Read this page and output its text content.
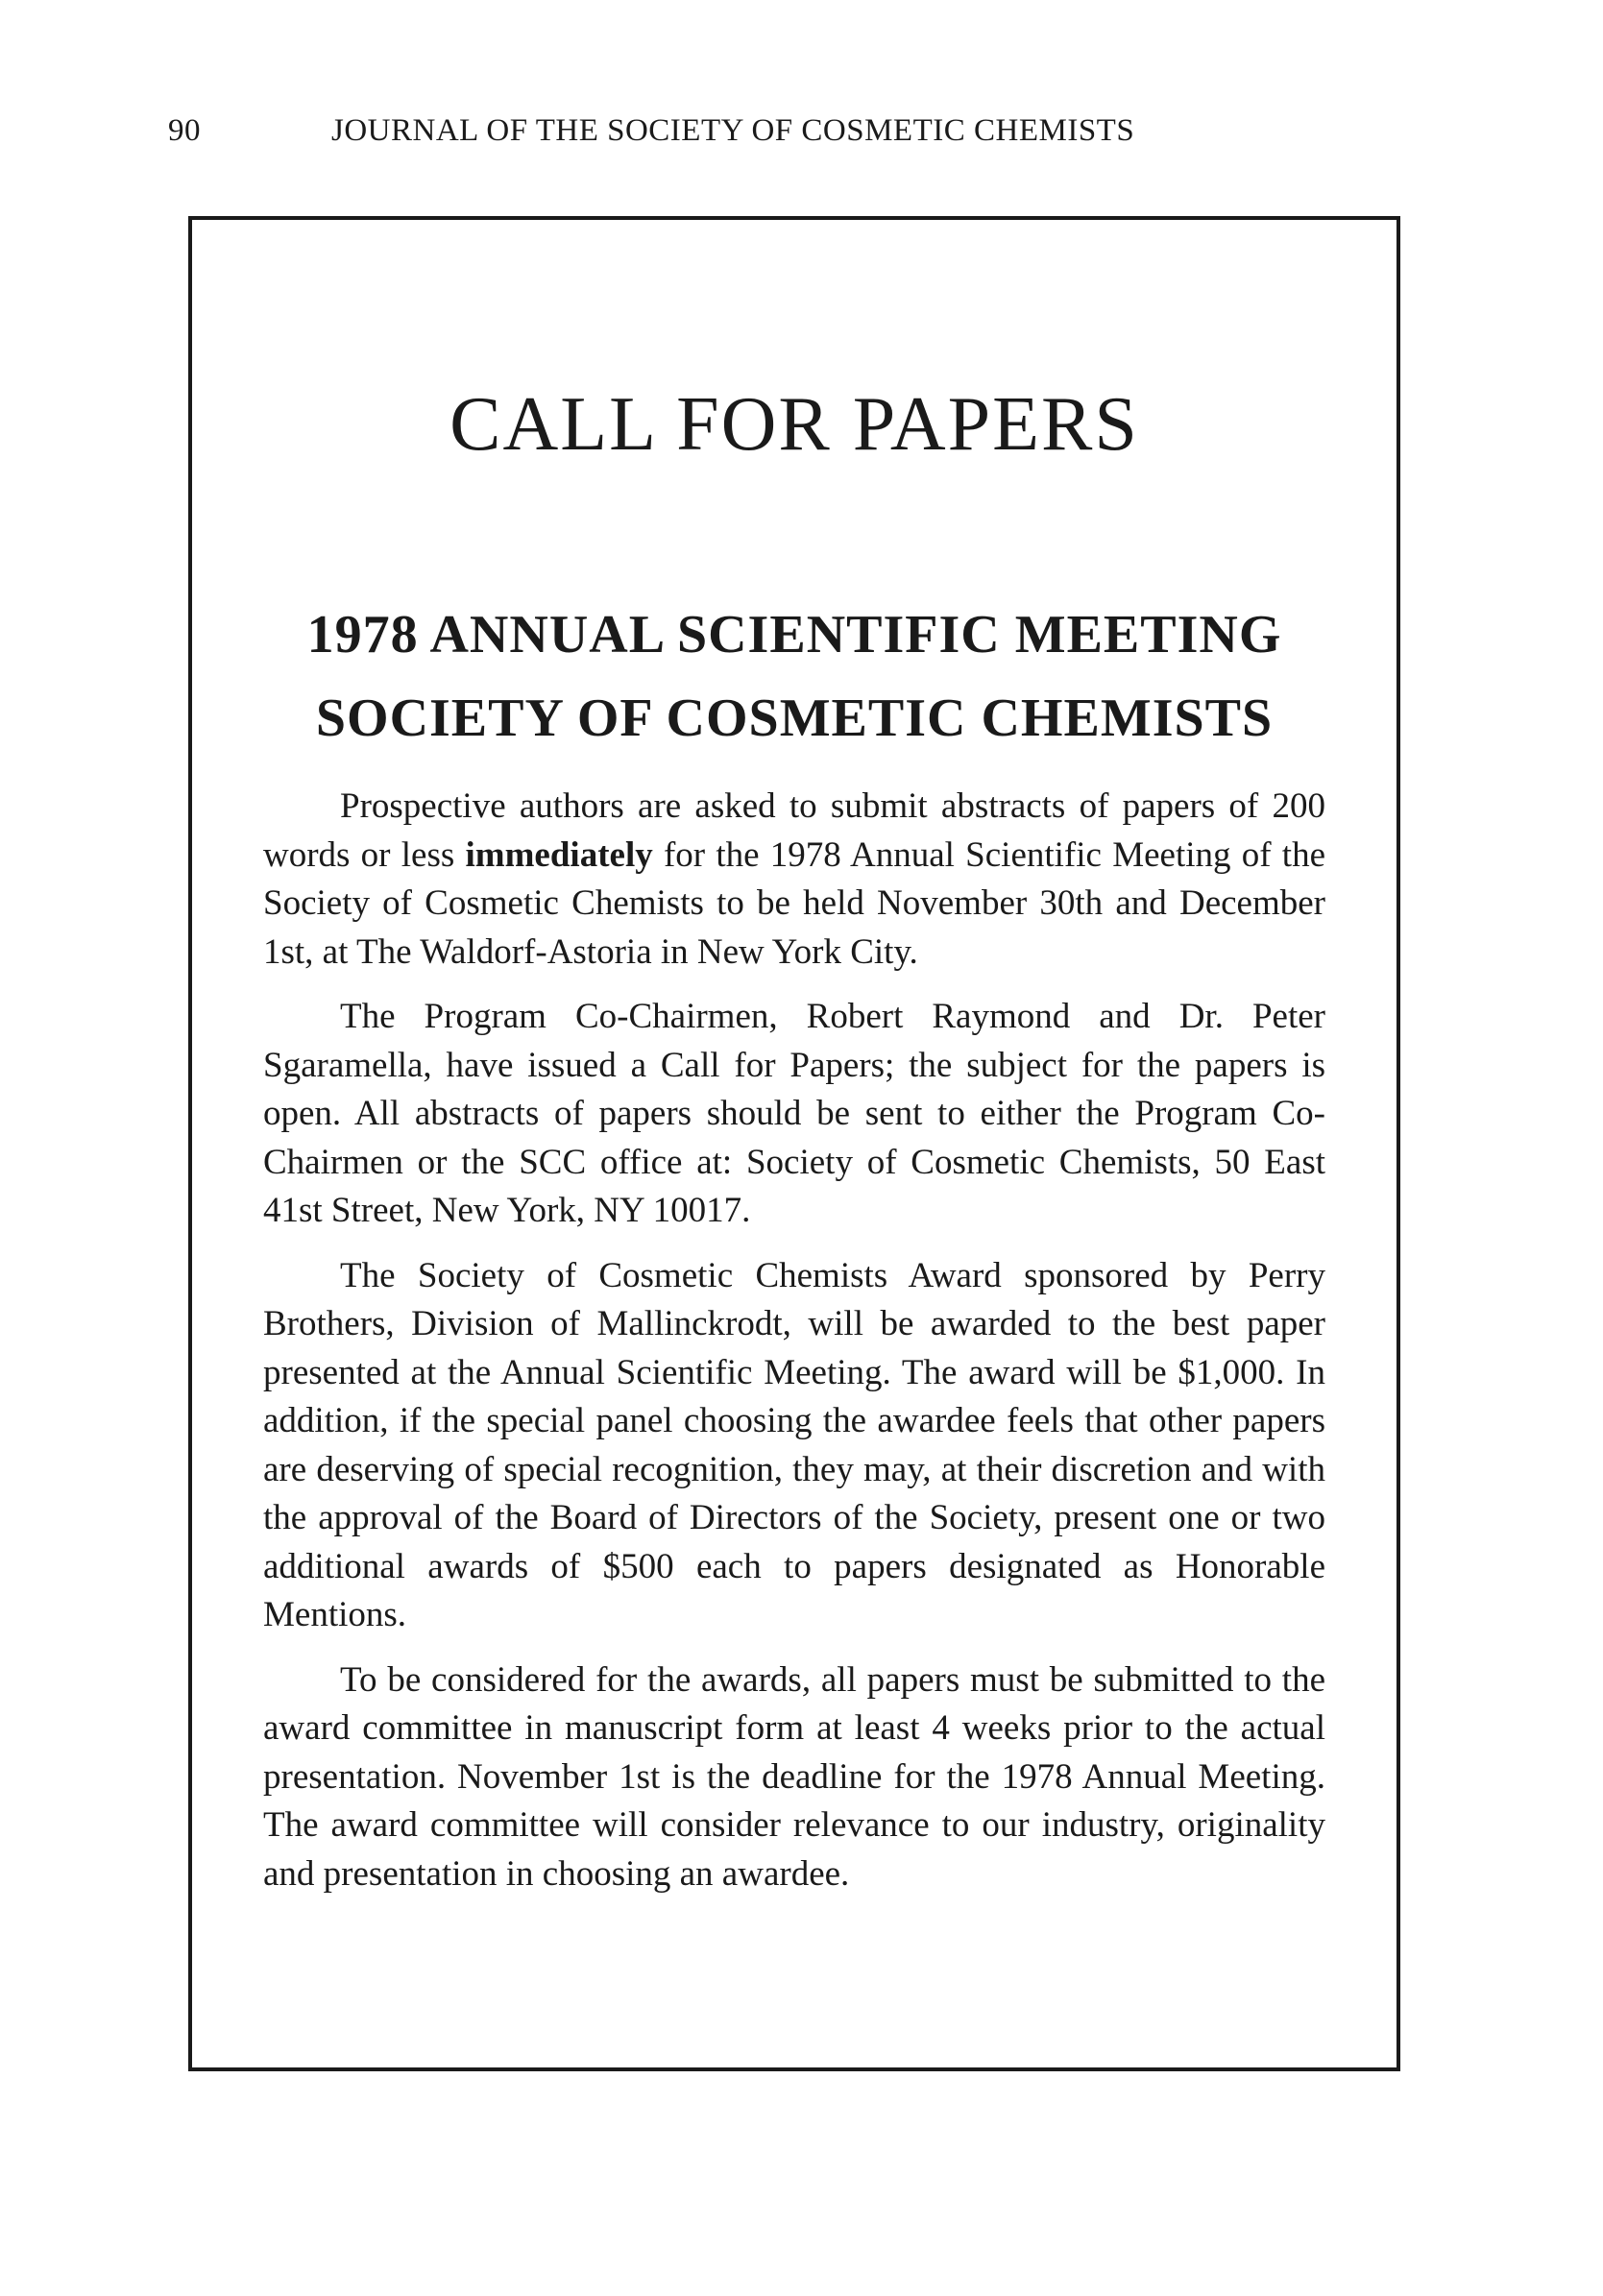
90	JOURNAL OF THE SOCIETY OF COSMETIC CHEMISTS
CALL FOR PAPERS
1978 ANNUAL SCIENTIFIC MEETING
SOCIETY OF COSMETIC CHEMISTS

Prospective authors are asked to submit abstracts of papers of 200 words or less immediately for the 1978 Annual Scientific Meeting of the Society of Cosmetic Chemists to be held November 30th and December 1st, at The Waldorf-Astoria in New York City.

The Program Co-Chairmen, Robert Raymond and Dr. Peter Sgaramella, have issued a Call for Papers; the subject for the papers is open. All abstracts of papers should be sent to either the Program Co-Chairmen or the SCC office at: Society of Cosmetic Chemists, 50 East 41st Street, New York, NY 10017.

The Society of Cosmetic Chemists Award sponsored by Perry Brothers, Division of Mallinckrodt, will be awarded to the best paper presented at the Annual Scientific Meeting. The award will be $1,000. In addition, if the special panel choosing the awardee feels that other papers are deserving of special recognition, they may, at their discretion and with the approval of the Board of Directors of the Society, present one or two additional awards of $500 each to papers designated as Honorable Mentions.

To be considered for the awards, all papers must be submitted to the award committee in manuscript form at least 4 weeks prior to the actual presentation. November 1st is the deadline for the 1978 Annual Meeting. The award committee will consider relevance to our industry, originality and presentation in choosing an awardee.
